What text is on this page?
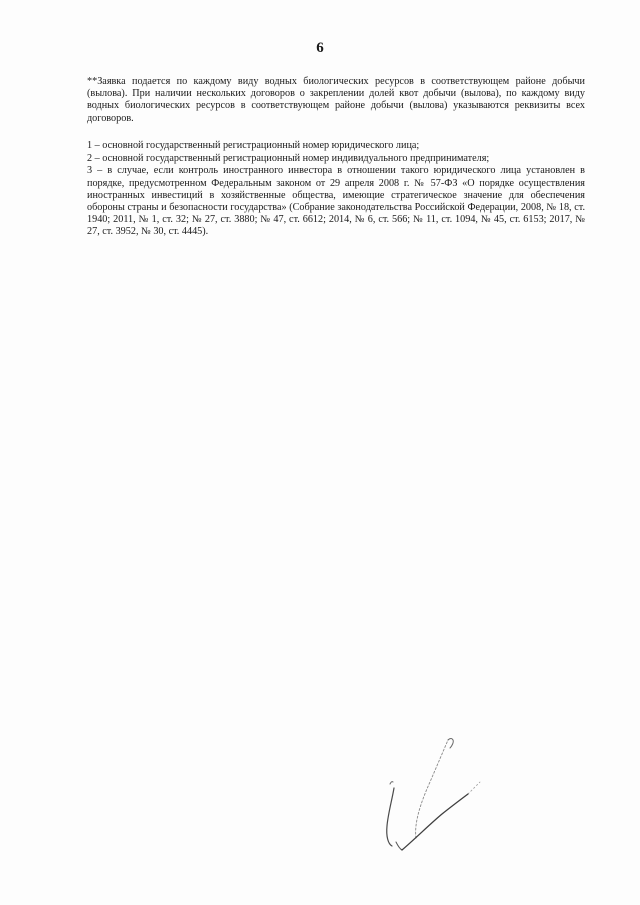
6

**Заявка подается по каждому виду водных биологических ресурсов в соответствующем районе добычи (вылова). При наличии нескольких договоров о закреплении долей квот добычи (вылова), по каждому виду водных биологических ресурсов в соответствующем районе добычи (вылова) указываются реквизиты всех договоров.

1 – основной государственный регистрационный номер юридического лица;

2 – основной государственный регистрационный номер индивидуального предпринимателя;

3 – в случае, если контроль иностранного инвестора в отношении такого юридического лица установлен в порядке, предусмотренном Федеральным законом от 29 апреля 2008 г. № 57-ФЗ «О порядке осуществления иностранных инвестиций в хозяйственные общества, имеющие стратегическое значение для обеспечения обороны страны и безопасности государства» (Собрание законодательства Российской Федерации, 2008, № 18, ст. 1940; 2011, № 1, ст. 32; № 27, ст. 3880; № 47, ст. 6612; 2014, № 6, ст. 566; № 11, ст. 1094, № 45, ст. 6153; 2017, № 27, ст. 3952, № 30, ст. 4445).
